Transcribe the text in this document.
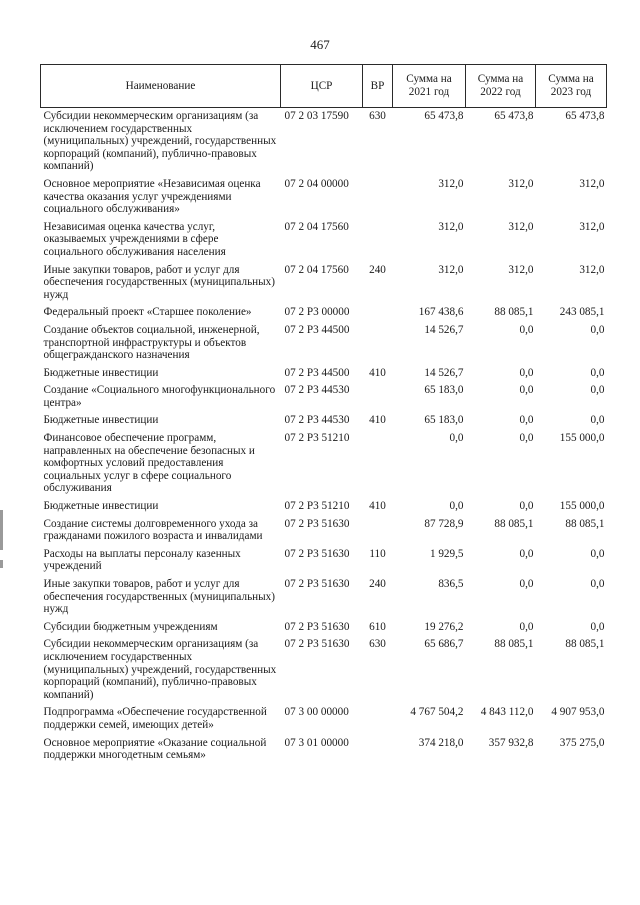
467
Наименование	ЦСР	ВР	Сумма на 2021 год	Сумма на 2022 год	Сумма на 2023 год
Субсидии некоммерческим организациям (за исключением государственных (муниципальных) учреждений, государственных корпораций (компаний), публично-правовых компаний)	07 2 03 17590	630	65 473,8	65 473,8	65 473,8
Основное мероприятие «Независимая оценка качества оказания услуг учреждениями социального обслуживания»	07 2 04 00000		312,0	312,0	312,0
Независимая оценка качества услуг, оказываемых учреждениями в сфере социального обслуживания населения	07 2 04 17560		312,0	312,0	312,0
Иные закупки товаров, работ и услуг для обеспечения государственных (муниципальных) нужд	07 2 04 17560	240	312,0	312,0	312,0
Федеральный проект «Старшее поколение»	07 2 P3 00000		167 438,6	88 085,1	243 085,1
Создание объектов социальной, инженерной, транспортной инфраструктуры и объектов общегражданского назначения	07 2 P3 44500		14 526,7	0,0	0,0
Бюджетные инвестиции	07 2 P3 44500	410	14 526,7	0,0	0,0
Создание «Социального многофункционального центра»	07 2 P3 44530		65 183,0	0,0	0,0
Бюджетные инвестиции	07 2 P3 44530	410	65 183,0	0,0	0,0
Финансовое обеспечение программ, направленных на обеспечение безопасных и комфортных условий предоставления социальных услуг в сфере социального обслуживания	07 2 P3 51210		0,0	0,0	155 000,0
Бюджетные инвестиции	07 2 P3 51210	410	0,0	0,0	155 000,0
Создание системы долговременного ухода за гражданами пожилого возраста и инвалидами	07 2 P3 51630		87 728,9	88 085,1	88 085,1
Расходы на выплаты персоналу казенных учреждений	07 2 P3 51630	110	1 929,5	0,0	0,0
Иные закупки товаров, работ и услуг для обеспечения государственных (муниципальных) нужд	07 2 P3 51630	240	836,5	0,0	0,0
Субсидии бюджетным учреждениям	07 2 P3 51630	610	19 276,2	0,0	0,0
Субсидии некоммерческим организациям (за исключением государственных (муниципальных) учреждений, государственных корпораций (компаний), публично-правовых компаний)	07 2 P3 51630	630	65 686,7	88 085,1	88 085,1
Подпрограмма «Обеспечение государственной поддержки семей, имеющих детей»	07 3 00 00000		4 767 504,2	4 843 112,0	4 907 953,0
Основное мероприятие «Оказание социальной поддержки многодетным семьям»	07 3 01 00000		374 218,0	357 932,8	375 275,0
